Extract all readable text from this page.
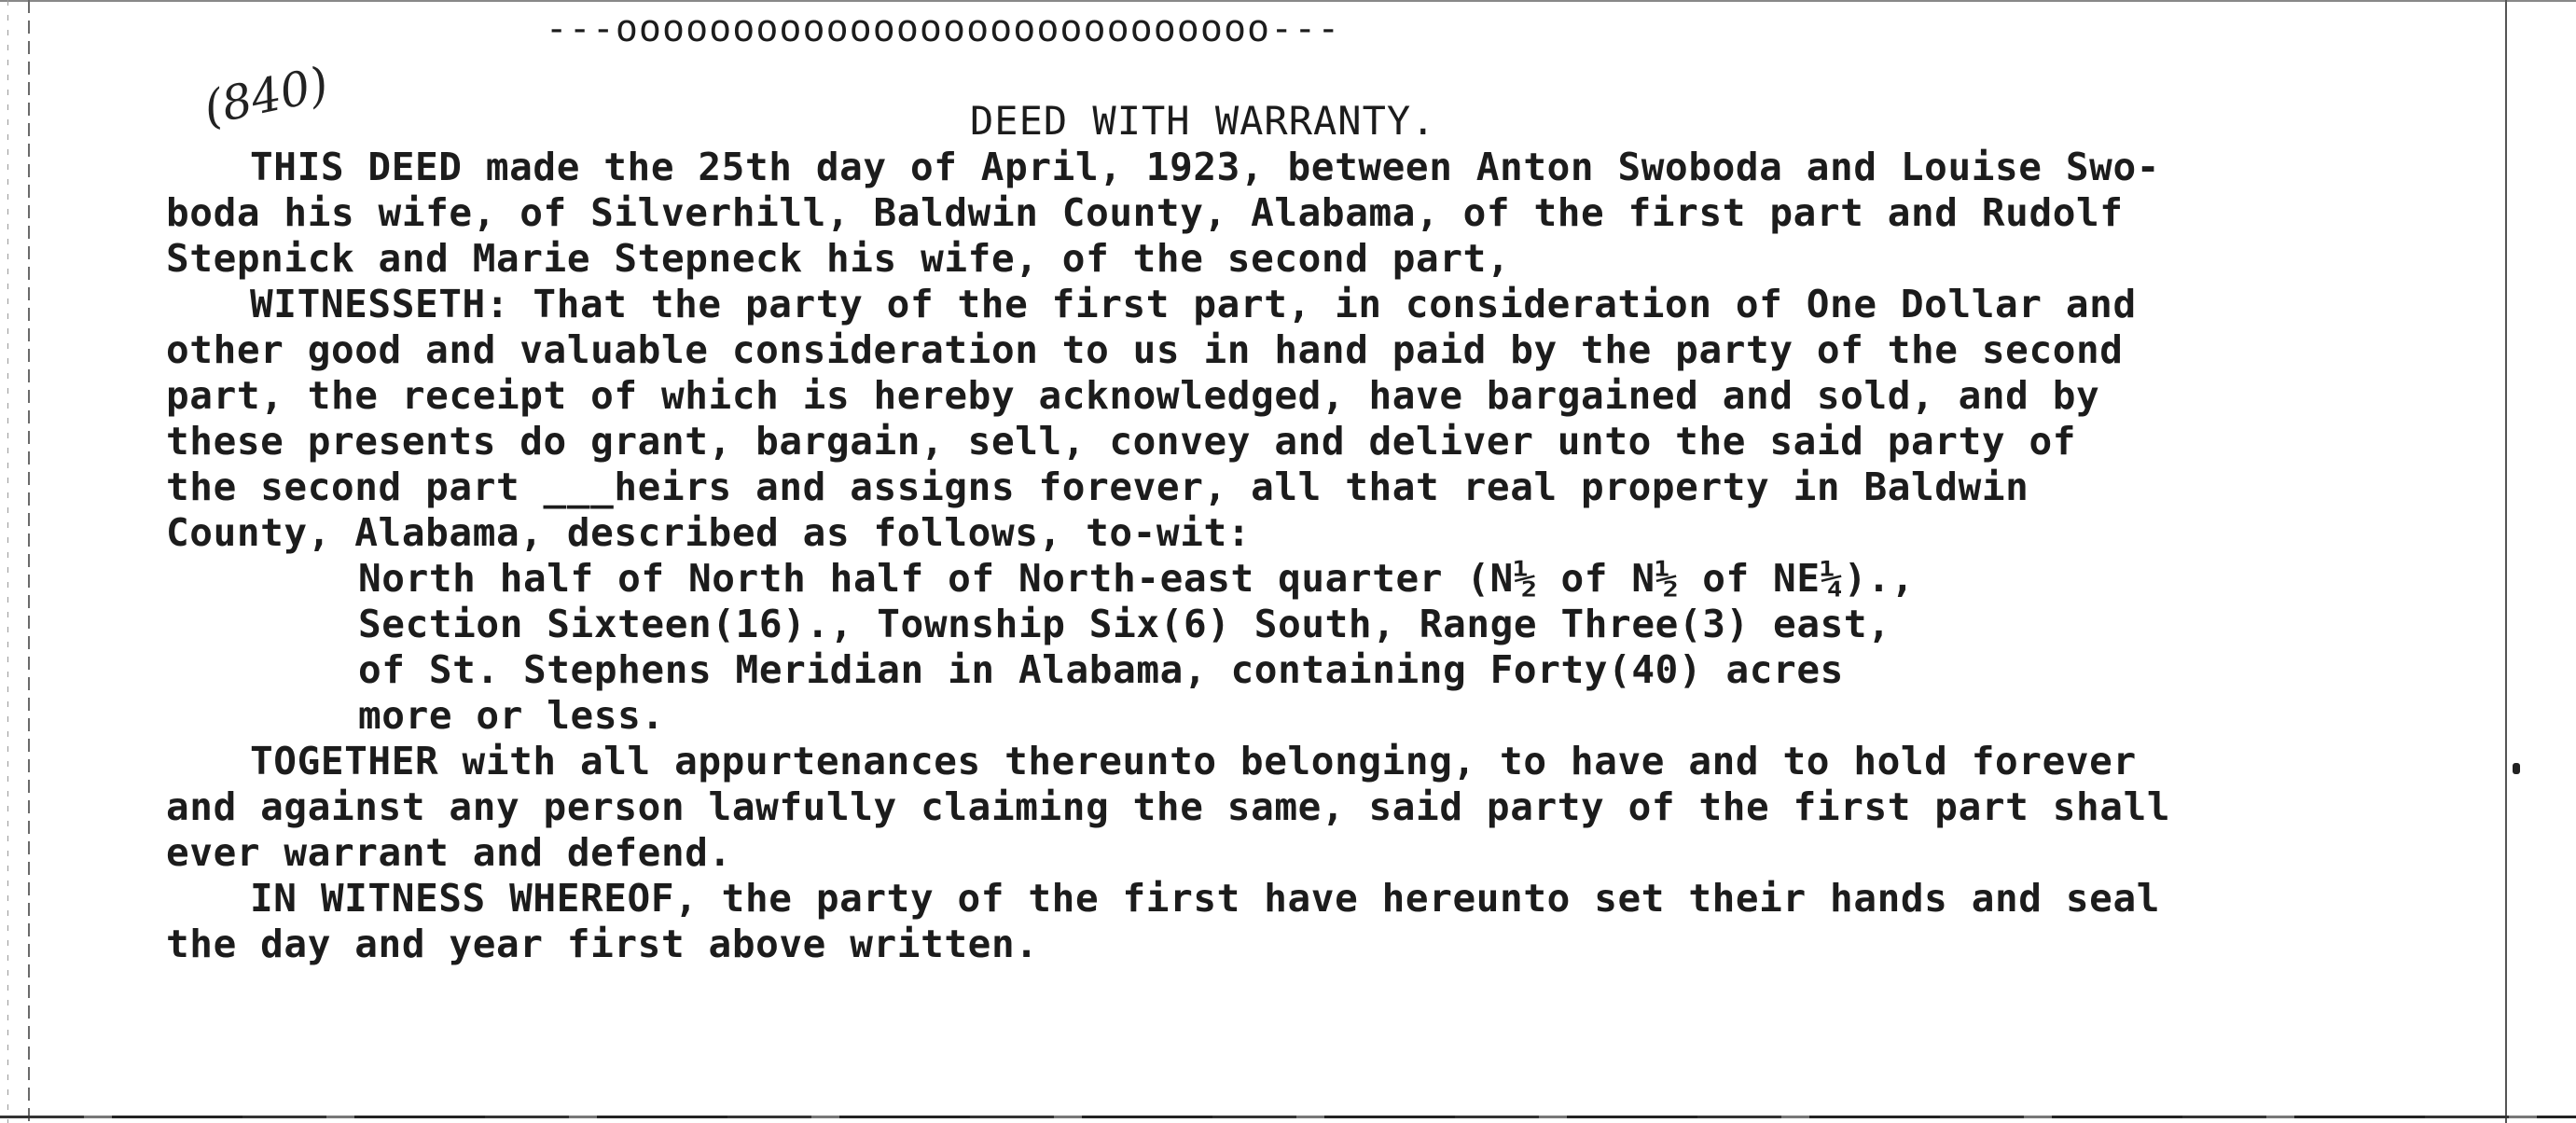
---oooooooooooooooooooooooooooo---
(840)	DEED WITH WARRANTY.
THIS DEED made the 25th day of April, 1923, between Anton Swoboda and Louise Swo-
boda his wife, of Silverhill, Baldwin County, Alabama, of the first part and Rudolf
Stepnick and Marie Stepneck his wife, of the second part,
WITNESSETH: That the party of the first part, in consideration of One Dollar and
other good and valuable consideration to us in hand paid by the party of the second
part, the receipt of which is hereby acknowledged, have bargained and sold, and by
these presents do grant, bargain, sell, convey and deliver unto the said party of
the second part ___heirs and assigns forever, all that real property in Baldwin
County, Alabama, described as follows, to-wit:
North half of North half of North-east quarter (N½ of N½ of NE¼).,
Section Sixteen(16)., Township Six(6) South, Range Three(3) east,
of St. Stephens Meridian in Alabama, containing Forty(40) acres
more or less.
TOGETHER with all appurtenances thereunto belonging, to have and to hold forever
and against any person lawfully claiming the same, said party of the first part shall
ever warrant and defend.
IN WITNESS WHEREOF, the party of the first have hereunto set their hands and seal
the day and year first above written.
